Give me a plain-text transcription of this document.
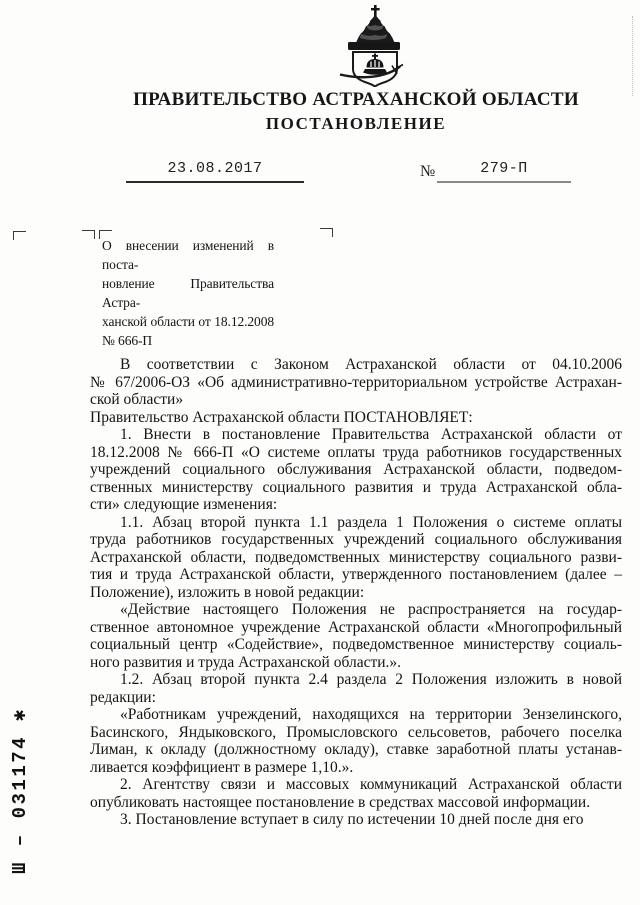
ПРАВИТЕЛЬСТВО АСТРАХАНСКОЙ ОБЛАСТИ
ПОСТАНОВЛЕНИЕ
23.08.2017	№	279-П
О внесении изменений в поста-
новление Правительства Астра-
ханской области от 18.12.2008
№ 666-П
В соответствии с Законом Астраханской области от 04.10.2006
№ 67/2006-ОЗ «Об административно-территориальном устройстве Астрахан-
ской области»
Правительство Астраханской области ПОСТАНОВЛЯЕТ:
1. Внести в постановление Правительства Астраханской области от
18.12.2008 № 666-П «О системе оплаты труда работников государственных
учреждений социального обслуживания Астраханской области, подведом-
ственных министерству социального развития и труда Астраханской обла-
сти» следующие изменения:
1.1. Абзац второй пункта 1.1 раздела 1 Положения о системе оплаты
труда работников государственных учреждений социального обслуживания
Астраханской области, подведомственных министерству социального разви-
тия и труда Астраханской области, утвержденного постановлением (далее –
Положение), изложить в новой редакции:
«Действие настоящего Положения не распространяется на государ-
ственное автономное учреждение Астраханской области «Многопрофильный
социальный центр «Содействие», подведомственное министерству социаль-
ного развития и труда Астраханской области.».
1.2. Абзац второй пункта 2.4 раздела 2 Положения изложить в новой
редакции:
«Работникам учреждений, находящихся на территории Зензелинского,
Басинского, Яндыковского, Промысловского сельсоветов, рабочего поселка
Лиман, к окладу (должностному окладу), ставке заработной платы устанав-
ливается коэффициент в размере 1,10.».
2. Агентству связи и массовых коммуникаций Астраханской области
опубликовать настоящее постановление в средствах массовой информации.
3. Постановление вступает в силу по истечении 10 дней после дня его
Ш – 031174 ✱
